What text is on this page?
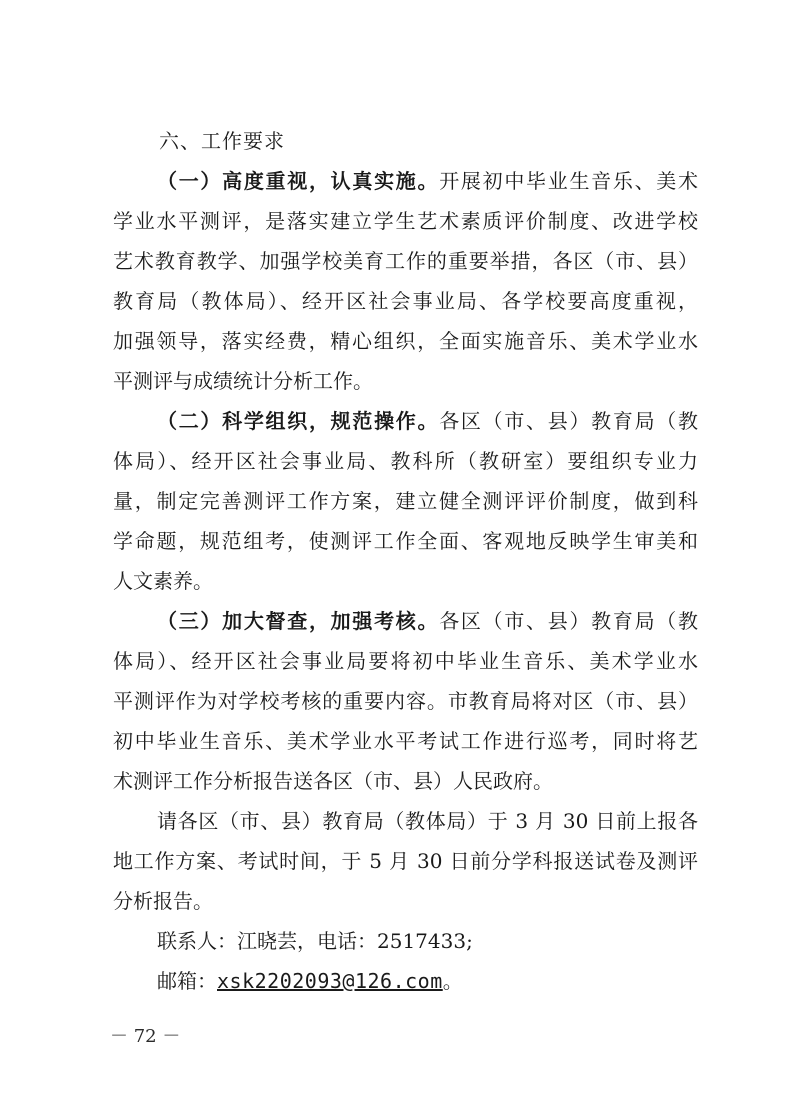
六、工作要求
（一）高度重视，认真实施。开展初中毕业生音乐、美术
学业水平测评，是落实建立学生艺术素质评价制度、改进学校
艺术教育教学、加强学校美育工作的重要举措，各区（市、县）
教育局（教体局）、经开区社会事业局、各学校要高度重视，
加强领导，落实经费，精心组织，全面实施音乐、美术学业水
平测评与成绩统计分析工作。
（二）科学组织，规范操作。各区（市、县）教育局（教
体局）、经开区社会事业局、教科所（教研室）要组织专业力
量，制定完善测评工作方案，建立健全测评评价制度，做到科
学命题，规范组考，使测评工作全面、客观地反映学生审美和
人文素养。
（三）加大督查，加强考核。各区（市、县）教育局（教
体局）、经开区社会事业局要将初中毕业生音乐、美术学业水
平测评作为对学校考核的重要内容。市教育局将对区（市、县）
初中毕业生音乐、美术学业水平考试工作进行巡考，同时将艺
术测评工作分析报告送各区（市、县）人民政府。
请各区（市、县）教育局（教体局）于 3 月 30 日前上报各
地工作方案、考试时间，于 5 月 30 日前分学科报送试卷及测评
分析报告。
联系人：江晓芸，电话：2517433;
邮箱：xsk2202093@126.com。
－ 72 －
